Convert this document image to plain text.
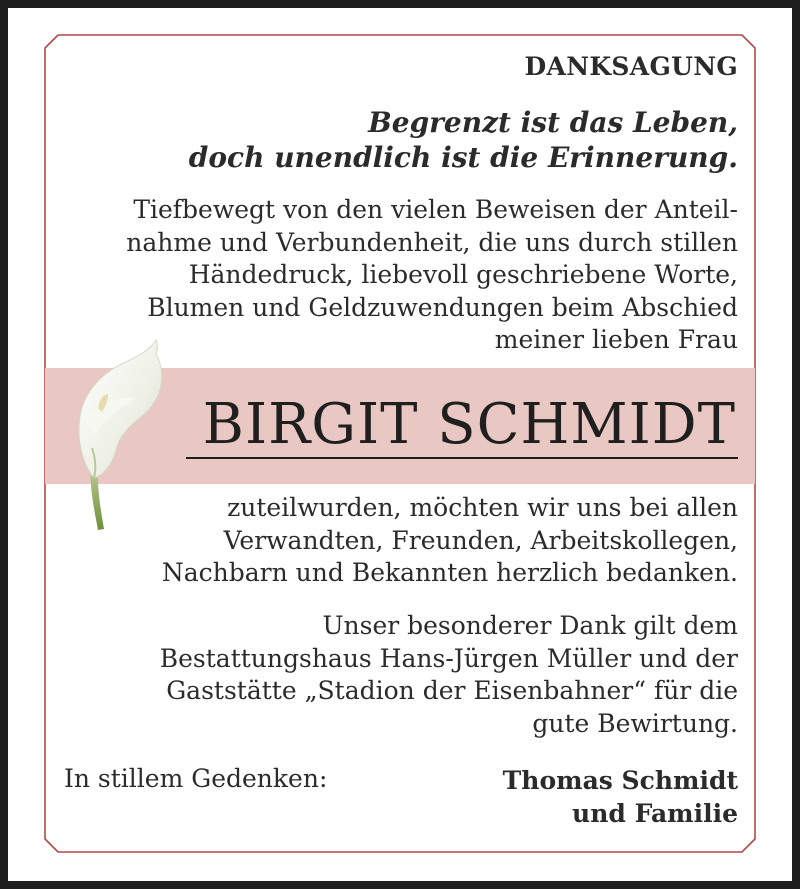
DANKSAGUNG
Begrenzt ist das Leben,
doch unendlich ist die Erinnerung.
Tiefbewegt von den vielen Beweisen der Anteil-
nahme und Verbundenheit, die uns durch stillen
Händedruck, liebevoll geschriebene Worte,
Blumen und Geldzuwendungen beim Abschied
meiner lieben Frau
BIRGIT SCHMIDT
zuteilwurden, möchten wir uns bei allen
Verwandten, Freunden, Arbeitskollegen,
Nachbarn und Bekannten herzlich bedanken.
Unser besonderer Dank gilt dem
Bestattungshaus Hans-Jürgen Müller und der
Gaststätte „Stadion der Eisenbahner“ für die
gute Bewirtung.
In stillem Gedenken:	Thomas Schmidt
und Familie
